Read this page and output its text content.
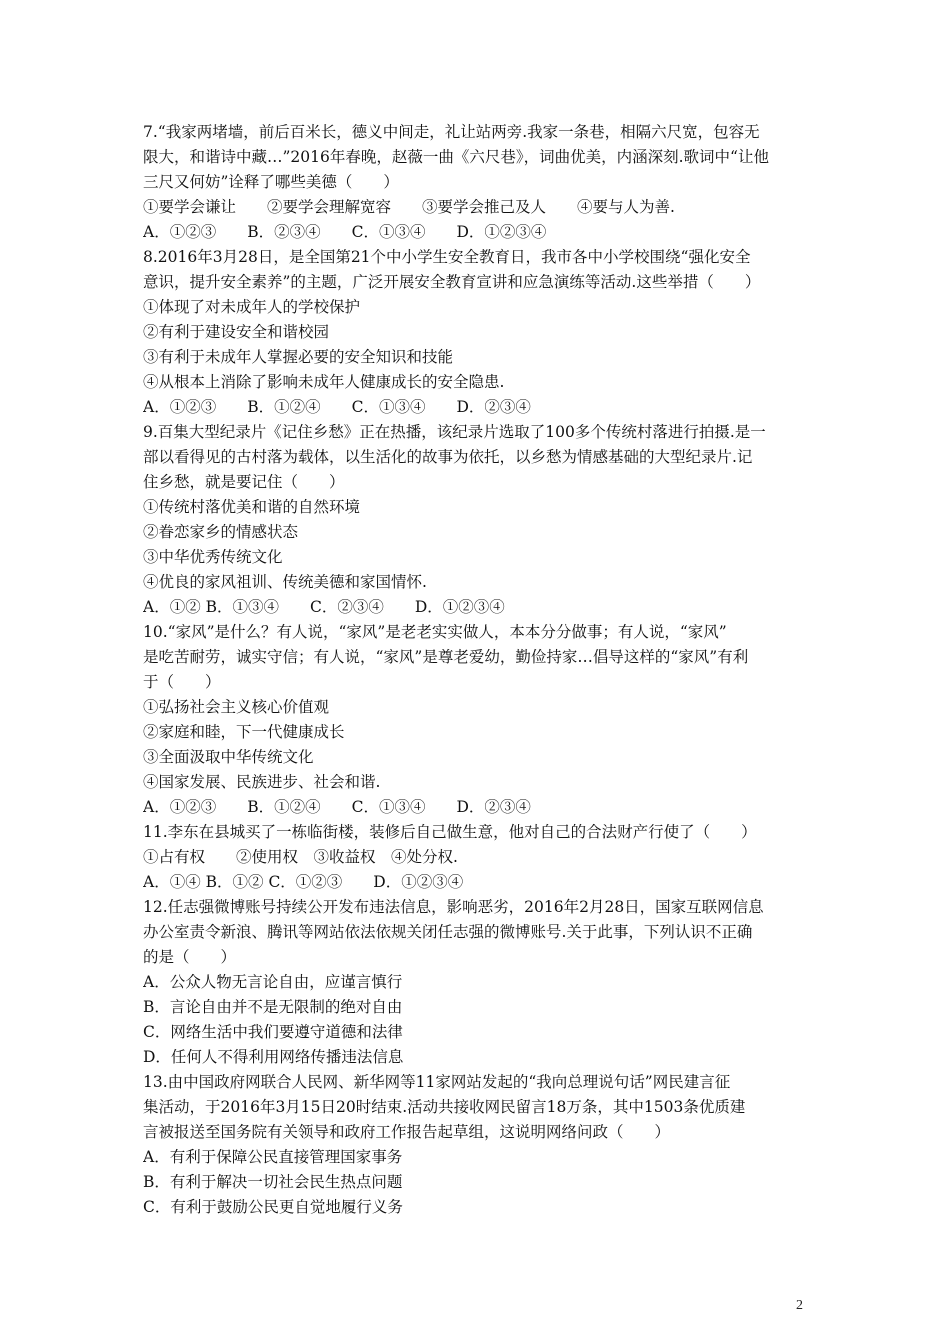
7.“我家两堵墙，前后百米长，德义中间走，礼让站两旁.我家一条巷，相隔六尺宽，包容无
限大，和谐诗中藏…”2016年春晚，赵薇一曲《六尺巷》，词曲优美，内涵深刻.歌词中“让他
三尺又何妨”诠释了哪些美德（　　）
①要学会谦让　　②要学会理解宽容　　③要学会推己及人　　④要与人为善.
A．①②③　　B．②③④　　C．①③④　　D．①②③④
8.2016年3月28日，是全国第21个中小学生安全教育日，我市各中小学校围绕“强化安全
意识，提升安全素养”的主题，广泛开展安全教育宣讲和应急演练等活动.这些举措（　　）
①体现了对未成年人的学校保护
②有利于建设安全和谐校园
③有利于未成年人掌握必要的安全知识和技能
④从根本上消除了影响未成年人健康成长的安全隐患.
A．①②③　　B．①②④　　C．①③④　　D．②③④
9.百集大型纪录片《记住乡愁》正在热播，该纪录片选取了100多个传统村落进行拍摄.是一
部以看得见的古村落为载体，以生活化的故事为依托，以乡愁为情感基础的大型纪录片.记
住乡愁，就是要记住（　　）
①传统村落优美和谐的自然环境
②眷恋家乡的情感状态
③中华优秀传统文化
④优良的家风祖训、传统美德和家国情怀.
A．①② B．①③④　　C．②③④　　D．①②③④
10.“家风”是什么？有人说，“家风”是老老实实做人，本本分分做事；有人说，“家风”
是吃苦耐劳，诚实守信；有人说，“家风”是尊老爱幼，勤俭持家…倡导这样的“家风”有利
于（　　）
①弘扬社会主义核心价值观
②家庭和睦，下一代健康成长
③全面汲取中华传统文化
④国家发展、民族进步、社会和谐.
A．①②③　　B．①②④　　C．①③④　　D．②③④
11.李东在县城买了一栋临街楼，装修后自己做生意，他对自己的合法财产行使了（　　）
①占有权　　②使用权　③收益权　④处分权.
A．①④ B．①② C．①②③　　D．①②③④
12.任志强微博账号持续公开发布违法信息，影响恶劣，2016年2月28日，国家互联网信息
办公室责令新浪、腾讯等网站依法依规关闭任志强的微博账号.关于此事，下列认识不正确
的是（　　）
A．公众人物无言论自由，应谨言慎行
B．言论自由并不是无限制的绝对自由
C．网络生活中我们要遵守道德和法律
D．任何人不得利用网络传播违法信息
13.由中国政府网联合人民网、新华网等11家网站发起的“我向总理说句话”网民建言征
集活动，于2016年3月15日20时结束.活动共接收网民留言18万条，其中1503条优质建
言被报送至国务院有关领导和政府工作报告起草组，这说明网络问政（　　）
A．有利于保障公民直接管理国家事务
B．有利于解决一切社会民生热点问题
C．有利于鼓励公民更自觉地履行义务
2
